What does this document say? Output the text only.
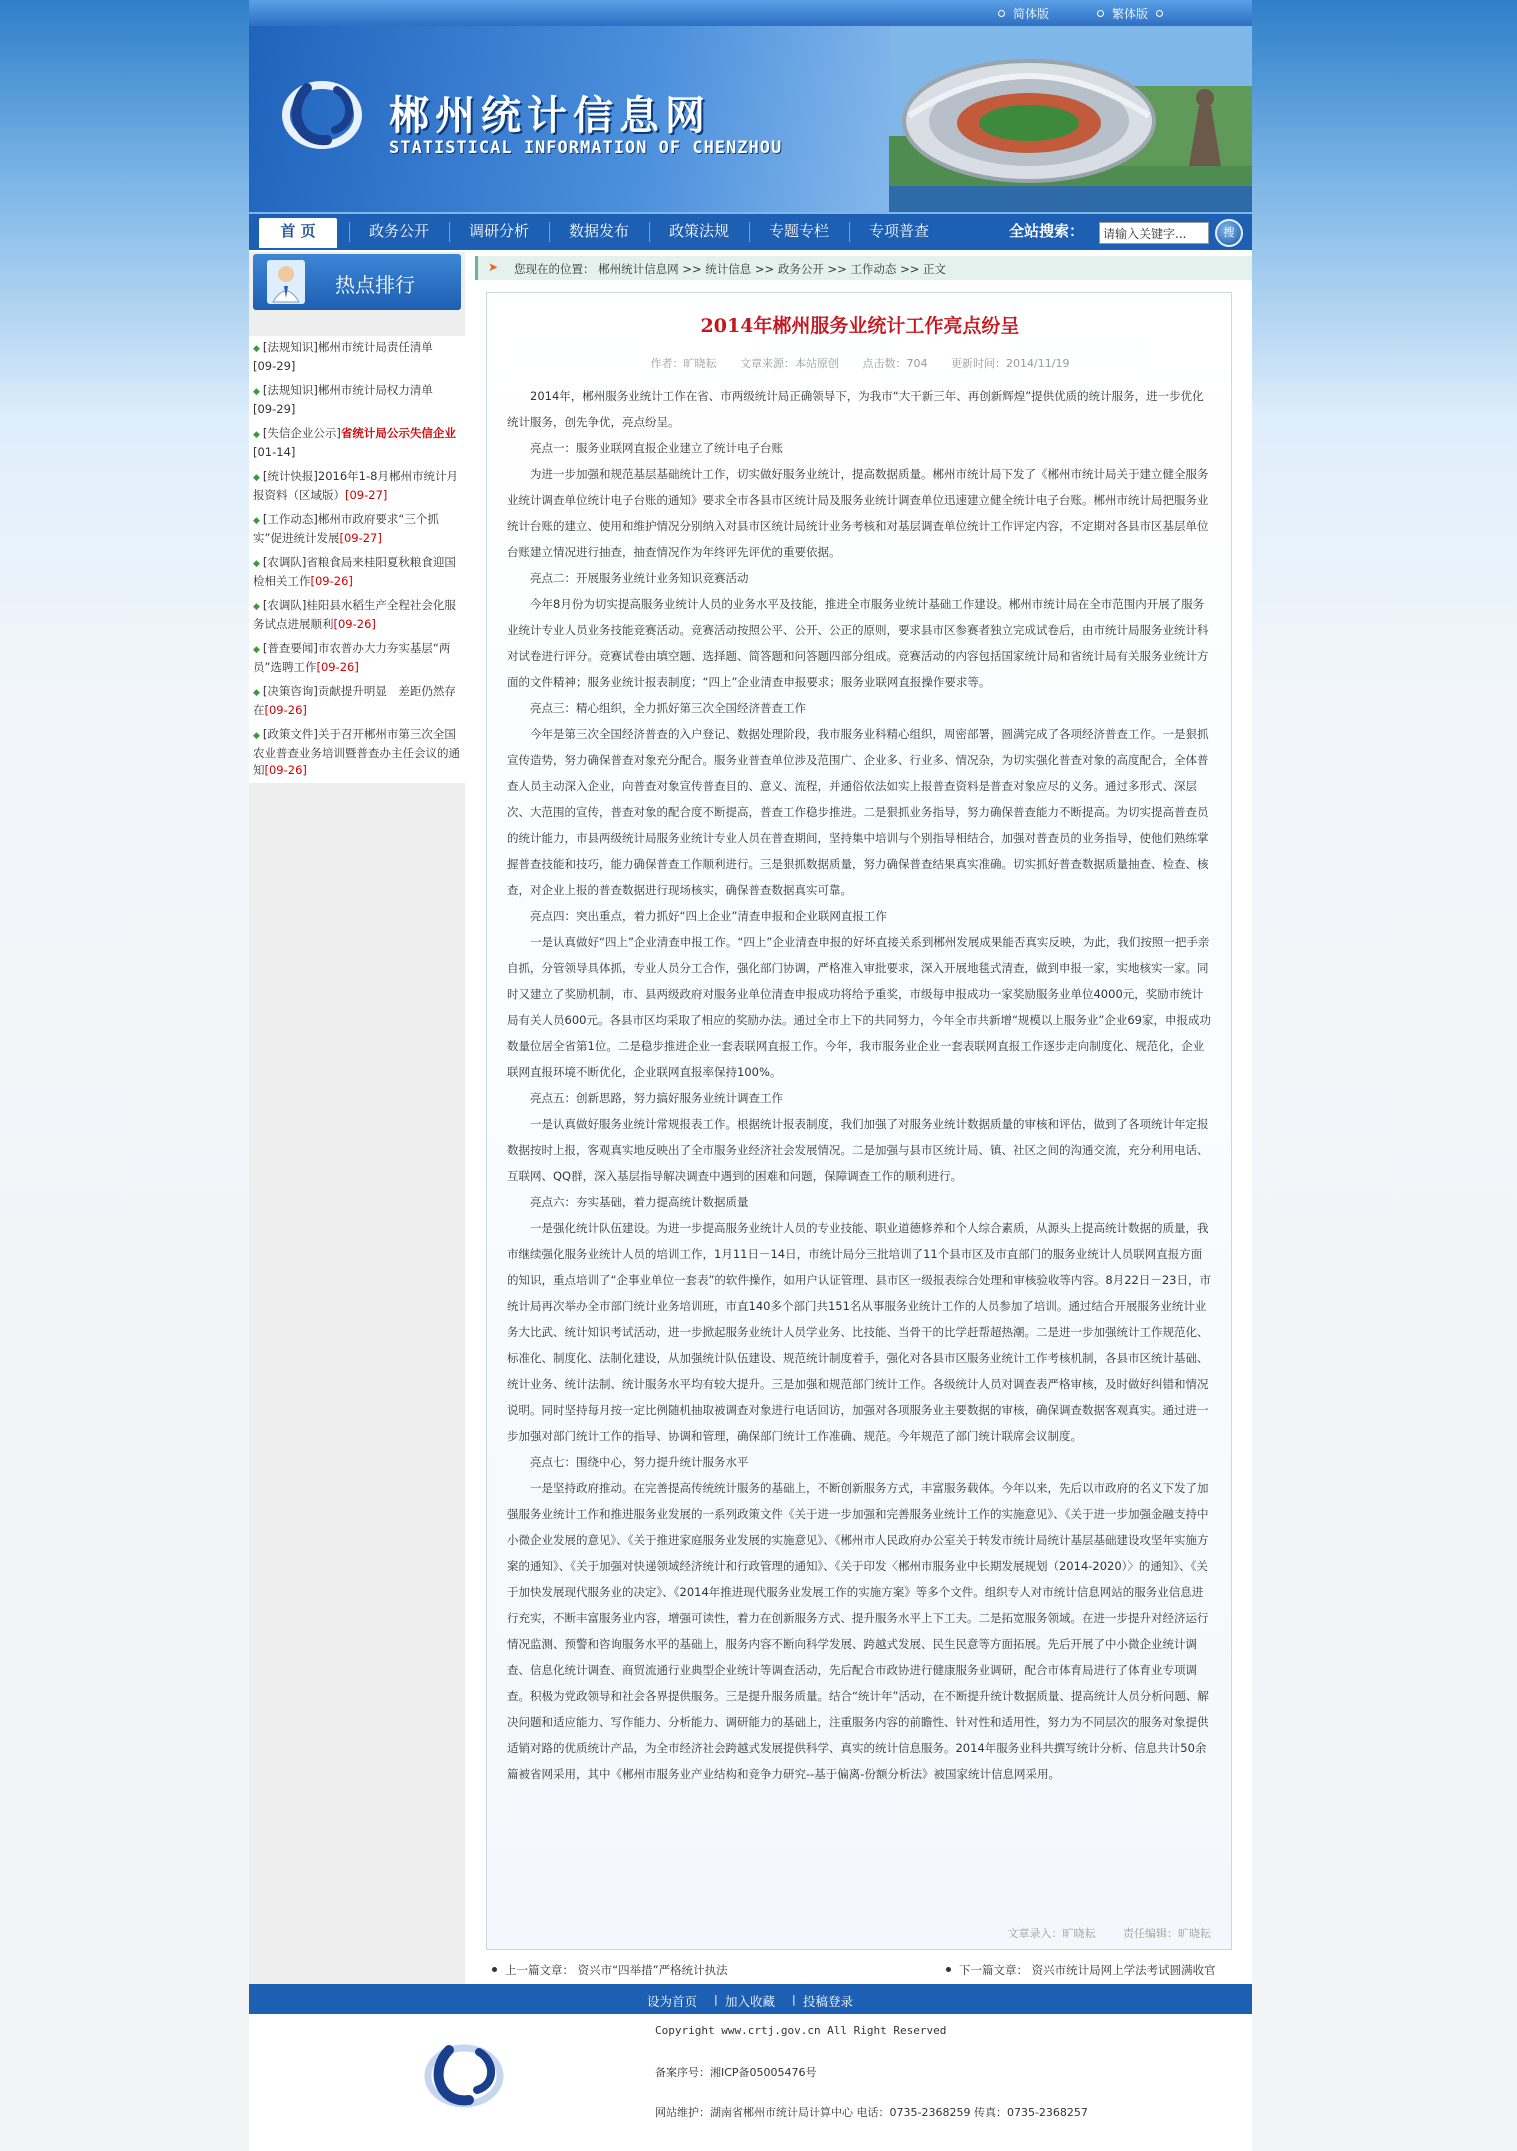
简体版	繁体版
郴州统计信息网
STATISTICAL INFORMATION OF CHENZHOU
首 页	政务公开	调研分析	数据发布	政策法规	专题专栏	专项普查	全站搜索：
请输入关键字...	搜
热点排行
◆ [法规知识]郴州市统计局责任清单
[09-29]
◆ [法规知识]郴州市统计局权力清单
[09-29]
◆ [失信企业公示]省统计局公示失信企业[01-14]
◆ [统计快报]2016年1-8月郴州市统计月报资料（区域版）[09-27]
◆ [工作动态]郴州市政府要求“三个抓实”促进统计发展[09-27]
◆ [农调队]省粮食局来桂阳夏秋粮食迎国检相关工作[09-26]
◆ [农调队]桂阳县水稻生产全程社会化服务试点进展顺利[09-26]
◆ [普查要闻]市农普办大力夯实基层“两员”选聘工作[09-26]
◆ [决策咨询]贡献提升明显　差距仍然存在[09-26]
◆ [政策文件]关于召开郴州市第三次全国农业普查业务培训暨普查办主任会议的通知[09-26]
➤ 您现在的位置： 郴州统计信息网 >> 统计信息 >> 政务公开 >> 工作动态 >> 正文
2014年郴州服务业统计工作亮点纷呈
作者：旷晓耘 文章来源：本站原创 点击数：704 更新时间：2014/11/19

2014年，郴州服务业统计工作在省、市两级统计局正确领导下，为我市“大干新三年、再创新辉煌”提供优质的统计服务，进一步优化统计服务，创先争优，亮点纷呈。

亮点一：服务业联网直报企业建立了统计电子台账

为进一步加强和规范基层基础统计工作，切实做好服务业统计，提高数据质量。郴州市统计局下发了《郴州市统计局关于建立健全服务业统计调查单位统计电子台账的通知》要求全市各县市区统计局及服务业统计调查单位迅速建立健全统计电子台账。郴州市统计局把服务业统计台账的建立、使用和维护情况分别纳入对县市区统计局统计业务考核和对基层调查单位统计工作评定内容，不定期对各县市区基层单位台账建立情况进行抽查，抽查情况作为年终评先评优的重要依据。

亮点二：开展服务业统计业务知识竞赛活动

今年8月份为切实提高服务业统计人员的业务水平及技能，推进全市服务业统计基础工作建设。郴州市统计局在全市范围内开展了服务业统计专业人员业务技能竞赛活动。竞赛活动按照公平、公开、公正的原则，要求县市区参赛者独立完成试卷后，由市统计局服务业统计科对试卷进行评分。竞赛试卷由填空题、选择题、简答题和问答题四部分组成。竞赛活动的内容包括国家统计局和省统计局有关服务业统计方面的文件精神；服务业统计报表制度；“四上”企业清查申报要求；服务业联网直报操作要求等。

亮点三：精心组织，全力抓好第三次全国经济普查工作

今年是第三次全国经济普查的入户登记、数据处理阶段，我市服务业科精心组织，周密部署，圆满完成了各项经济普查工作。一是狠抓宣传造势，努力确保普查对象充分配合。服务业普查单位涉及范围广、企业多、行业多、情况杂，为切实强化普查对象的高度配合，全体普查人员主动深入企业，向普查对象宣传普查目的、意义、流程，并通俗依法如实上报普查资料是普查对象应尽的义务。通过多形式、深层次、大范围的宣传，普查对象的配合度不断提高，普查工作稳步推进。二是狠抓业务指导，努力确保普查能力不断提高。为切实提高普查员的统计能力，市县两级统计局服务业统计专业人员在普查期间，坚持集中培训与个别指导相结合，加强对普查员的业务指导，使他们熟练掌握普查技能和技巧，能力确保普查工作顺利进行。三是狠抓数据质量，努力确保普查结果真实准确。切实抓好普查数据质量抽查、检查、核查，对企业上报的普查数据进行现场核实，确保普查数据真实可靠。

亮点四：突出重点，着力抓好“四上企业”清查申报和企业联网直报工作

一是认真做好“四上”企业清查申报工作。“四上”企业清查申报的好坏直接关系到郴州发展成果能否真实反映，为此，我们按照一把手亲自抓，分管领导具体抓，专业人员分工合作，强化部门协调，严格准入审批要求，深入开展地毯式清查，做到申报一家，实地核实一家。同时又建立了奖励机制，市、县两级政府对服务业单位清查申报成功将给予重奖，市级每申报成功一家奖励服务业单位4000元，奖励市统计局有关人员600元。各县市区均采取了相应的奖励办法。通过全市上下的共同努力，今年全市共新增“规模以上服务业”企业69家，申报成功数量位居全省第1位。二是稳步推进企业一套表联网直报工作。今年，我市服务业企业一套表联网直报工作逐步走向制度化、规范化，企业联网直报环境不断优化，企业联网直报率保持100%。

亮点五：创新思路，努力搞好服务业统计调查工作

一是认真做好服务业统计常规报表工作。根据统计报表制度，我们加强了对服务业统计数据质量的审核和评估，做到了各项统计年定报数据按时上报，客观真实地反映出了全市服务业经济社会发展情况。二是加强与县市区统计局、镇、社区之间的沟通交流，充分利用电话、互联网、QQ群，深入基层指导解决调查中遇到的困难和问题，保障调查工作的顺利进行。

亮点六：夯实基础，着力提高统计数据质量

一是强化统计队伍建设。为进一步提高服务业统计人员的专业技能、职业道德修养和个人综合素质，从源头上提高统计数据的质量，我市继续强化服务业统计人员的培训工作，1月11日－14日，市统计局分三批培训了11个县市区及市直部门的服务业统计人员联网直报方面的知识，重点培训了“企事业单位一套表”的软件操作，如用户认证管理、县市区一级报表综合处理和审核验收等内容。8月22日－23日，市统计局再次举办全市部门统计业务培训班，市直140多个部门共151名从事服务业统计工作的人员参加了培训。通过结合开展服务业统计业务大比武、统计知识考试活动，进一步掀起服务业统计人员学业务、比技能、当骨干的比学赶帮超热潮。二是进一步加强统计工作规范化、标准化、制度化、法制化建设，从加强统计队伍建设、规范统计制度着手，强化对各县市区服务业统计工作考核机制，各县市区统计基础、统计业务、统计法制、统计服务水平均有较大提升。三是加强和规范部门统计工作。各级统计人员对调查表严格审核，及时做好纠错和情况说明。同时坚持每月按一定比例随机抽取被调查对象进行电话回访，加强对各项服务业主要数据的审核，确保调查数据客观真实。通过进一步加强对部门统计工作的指导、协调和管理，确保部门统计工作准确、规范。今年规范了部门统计联席会议制度。

亮点七：围绕中心，努力提升统计服务水平

一是坚持政府推动。在完善提高传统统计服务的基础上，不断创新服务方式，丰富服务载体。今年以来，先后以市政府的名义下发了加强服务业统计工作和推进服务业发展的一系列政策文件《关于进一步加强和完善服务业统计工作的实施意见》、《关于进一步加强金融支持中小微企业发展的意见》、《关于推进家庭服务业发展的实施意见》、《郴州市人民政府办公室关于转发市统计局统计基层基础建设攻坚年实施方案的通知》、《关于加强对快递领域经济统计和行政管理的通知》、《关于印发〈郴州市服务业中长期发展规划（2014-2020）〉的通知》、《关于加快发展现代服务业的决定》、《2014年推进现代服务业发展工作的实施方案》等多个文件。组织专人对市统计信息网站的服务业信息进行充实，不断丰富服务业内容，增强可读性，着力在创新服务方式、提升服务水平上下工夫。二是拓宽服务领域。在进一步提升对经济运行情况监测、预警和咨询服务水平的基础上，服务内容不断向科学发展、跨越式发展、民生民意等方面拓展。先后开展了中小微企业统计调查、信息化统计调查、商贸流通行业典型企业统计等调查活动，先后配合市政协进行健康服务业调研，配合市体育局进行了体育业专项调查。积极为党政领导和社会各界提供服务。三是提升服务质量。结合“统计年”活动，在不断提升统计数据质量、提高统计人员分析问题、解决问题和适应能力、写作能力、分析能力、调研能力的基础上，注重服务内容的前瞻性、针对性和适用性，努力为不同层次的服务对象提供适销对路的优质统计产品，为全市经济社会跨越式发展提供科学、真实的统计信息服务。2014年服务业科共撰写统计分析、信息共计50余篇被省网采用，其中《郴州市服务业产业结构和竞争力研究--基于偏离-份额分析法》被国家统计信息网采用。

文章录入：旷晓耘	责任编辑：旷晓耘
上一篇文章： 资兴市“四举措”严格统计执法	下一篇文章： 资兴市统计局网上学法考试圆满收官
设为首页 | 加入收藏 | 投稿登录
Copyright www.crtj.gov.cn All Right Reserved
备案序号：湘ICP备05005476号
网站维护：湖南省郴州市统计局计算中心 电话：0735-2368259 传真：0735-2368257
